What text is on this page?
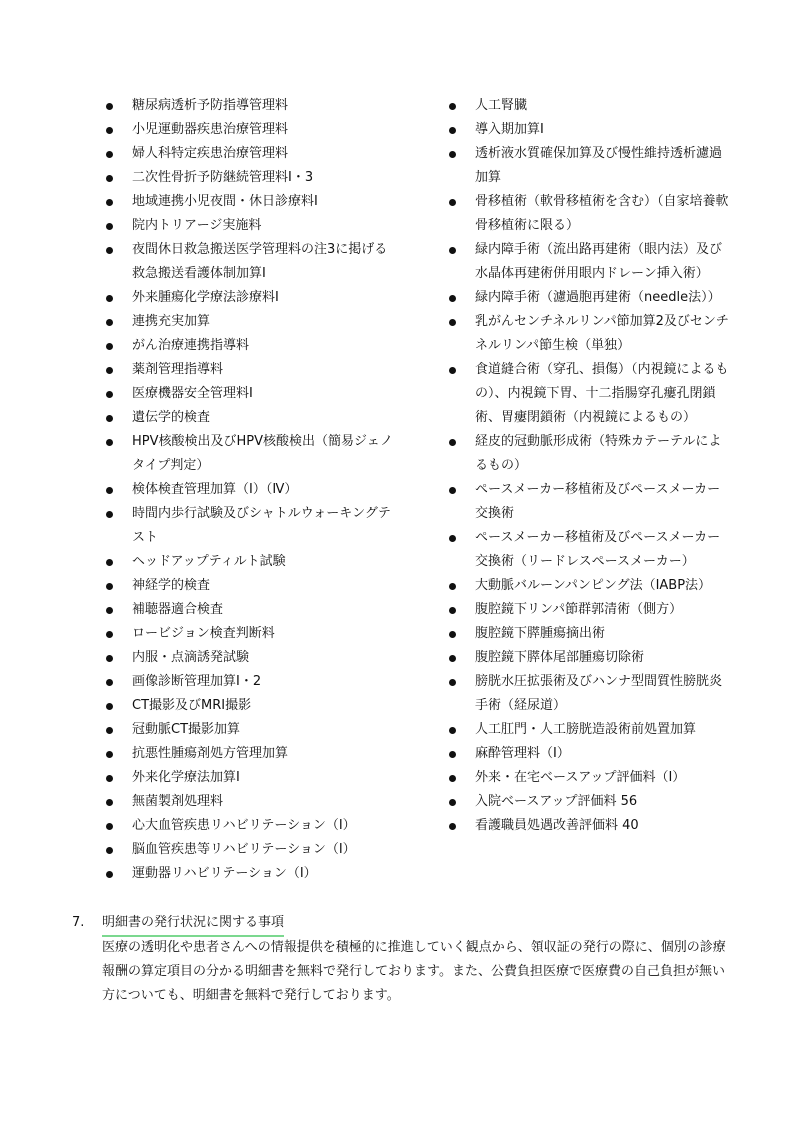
糖尿病透析予防指導管理料
小児運動器疾患治療管理料
婦人科特定疾患治療管理料
二次性骨折予防継続管理料Ⅰ・3
地域連携小児夜間・休日診療料Ⅰ
院内トリアージ実施料
夜間休日救急搬送医学管理料の注3に掲げる救急搬送看護体制加算Ⅰ
外来腫瘍化学療法診療料Ⅰ
連携充実加算
がん治療連携指導料
薬剤管理指導料
医療機器安全管理料Ⅰ
遺伝学的検査
HPV核酸検出及びHPV核酸検出（簡易ジェノタイプ判定）
検体検査管理加算（Ⅰ）（Ⅳ）
時間内歩行試験及びシャトルウォーキングテスト
ヘッドアップティルト試験
神経学的検査
補聴器適合検査
ロービジョン検査判断料
内服・点滴誘発試験
画像診断管理加算Ⅰ・2
CT撮影及びMRI撮影
冠動脈CT撮影加算
抗悪性腫瘍剤処方管理加算
外来化学療法加算Ⅰ
無菌製剤処理料
心大血管疾患リハビリテーション（Ⅰ）
脳血管疾患等リハビリテーション（Ⅰ）
運動器リハビリテーション（Ⅰ）
人工腎臓
導入期加算Ⅰ
透析液水質確保加算及び慢性維持透析濾過加算
骨移植術（軟骨移植術を含む）（自家培養軟骨移植術に限る）
緑内障手術（流出路再建術（眼内法）及び水晶体再建術併用眼内ドレーン挿入術）
緑内障手術（濾過胞再建術（needle法））
乳がんセンチネルリンパ節加算2及びセンチネルリンパ節生検（単独）
食道縫合術（穿孔、損傷）（内視鏡によるもの）、内視鏡下胃、十二指腸穿孔瘻孔閉鎖術、胃瘻閉鎖術（内視鏡によるもの）
経皮的冠動脈形成術（特殊カテーテルによるもの）
ペースメーカー移植術及びペースメーカー交換術
ペースメーカー移植術及びペースメーカー交換術（リードレスペースメーカー）
大動脈バルーンパンピング法（IABP法）
腹腔鏡下リンパ節群郭清術（側方）
腹腔鏡下膵腫瘍摘出術
腹腔鏡下膵体尾部腫瘍切除術
膀胱水圧拡張術及びハンナ型間質性膀胱炎手術（経尿道）
人工肛門・人工膀胱造設術前処置加算
麻酔管理料（Ⅰ）
外来・在宅ベースアップ評価料（Ⅰ）
入院ベースアップ評価料 56
看護職員処遇改善評価料 40
7. 明細書の発行状況に関する事項
医療の透明化や患者さんへの情報提供を積極的に推進していく観点から、領収証の発行の際に、個別の診療報酬の算定項目の分かる明細書を無料で発行しております。また、公費負担医療で医療費の自己負担が無い方についても、明細書を無料で発行しております。
